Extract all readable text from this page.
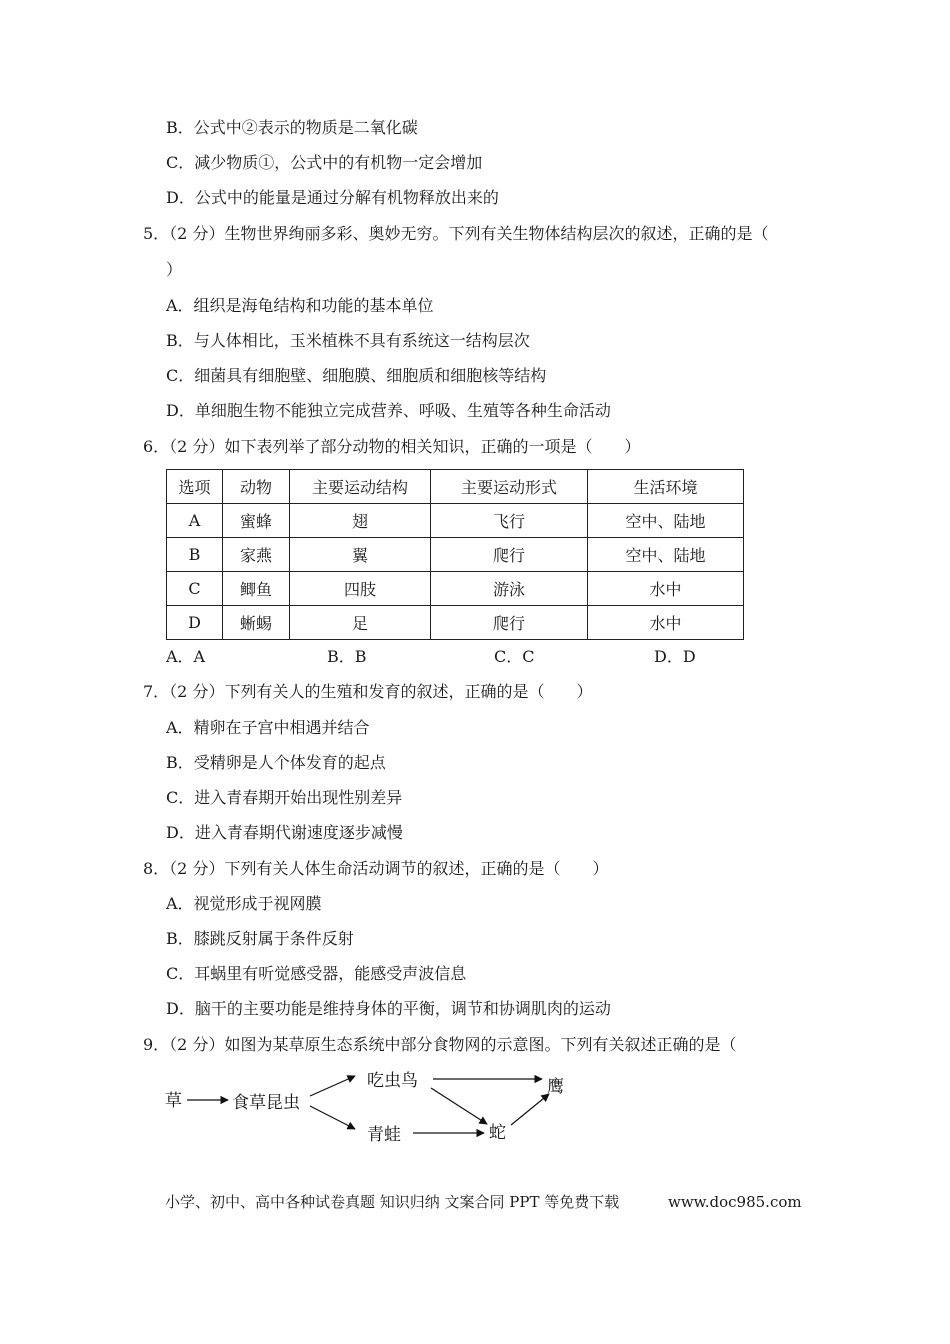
B．公式中②表示的物质是二氧化碳
C．减少物质①，公式中的有机物一定会增加
D．公式中的能量是通过分解有机物释放出来的
5．（2 分）生物世界绚丽多彩、奥妙无穷。下列有关生物体结构层次的叙述，正确的是（
）
A．组织是海龟结构和功能的基本单位
B．与人体相比，玉米植株不具有系统这一结构层次
C．细菌具有细胞壁、细胞膜、细胞质和细胞核等结构
D．单细胞生物不能独立完成营养、呼吸、生殖等各种生命活动
6．（2 分）如下表列举了部分动物的相关知识，正确的一项是（　　）
选项	动物	主要运动结构	主要运动形式	生活环境
A	蜜蜂	翅	飞行	空中、陆地
B	家燕	翼	爬行	空中、陆地
C	鲫鱼	四肢	游泳	水中
D	蜥蜴	足	爬行	水中
A．A	B．B	C．C	D．D
7．（2 分）下列有关人的生殖和发育的叙述，正确的是（　　）
A．精卵在子宫中相遇并结合
B．受精卵是人个体发育的起点
C．进入青春期开始出现性别差异
D．进入青春期代谢速度逐步减慢
8．（2 分）下列有关人体生命活动调节的叙述，正确的是（　　）
A．视觉形成于视网膜
B．膝跳反射属于条件反射
C．耳蜗里有听觉感受器，能感受声波信息
D．脑干的主要功能是维持身体的平衡，调节和协调肌肉的运动
9．（2 分）如图为某草原生态系统中部分食物网的示意图。下列有关叙述正确的是（
草	食草昆虫
吃虫鸟
青蛙	蛇
鹰
小学、初中、高中各种试卷真题 知识归纳 文案合同 PPT 等免费下载	www.doc985.com
